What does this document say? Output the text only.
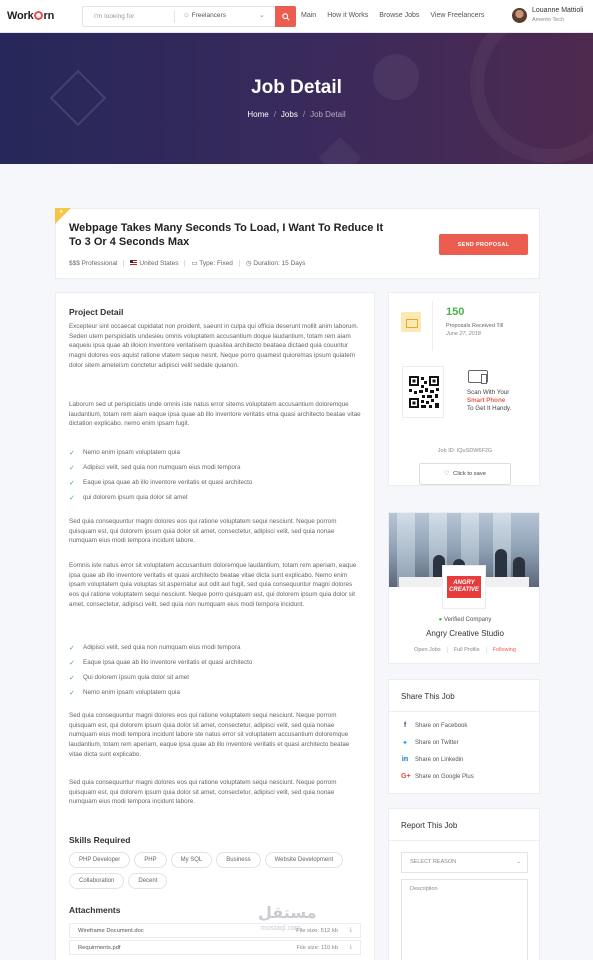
Work rn
I'm looking for	☺ Freelancers	⌄	Main How it Works Browse Jobs View Freelancers
Louanne Mattioli
Amento Tech
Job Detail
Home / Jobs / Job Detail
★
Webpage Takes Many Seconds To Load, I Want To Reduce It To 3 Or 4 Seconds Max
$$$ Professional	United States ▭ Type: Fixed ◷ Duration: 15 Days
SEND PROPOSAL
Project Detail
Excepteur sint occaecat cupidatat non proident, saeunt in culpa qui officia deserunt mollit anim laborum. Seden utem perspiciatis undesieu omnis voluptatem accusantium doque laudantium, totam rem aiam eaqueiu ipsa quae ab illoion inventore veritatisem quasitea architecto beataea dictaed quia couuntur magni dolores eos aquist ratione vtatem seque nesnt. Neque porro quamest quioremas ipsum quiatem dolor sitem ameteism conctetur adipisci velit sedate quianon.
Laborum sed ut perspiciatis unde omnis iste natus error sitems voluptatem accusantium doloremque laudantium, totam rem aiam eaque ipsa quae ab illo inventore veritatis etna quasi architecto beatae vitae dictation explicabo. nemo enim ipsam fugit.
✓	Nemo enim ipsam voluptatem quia
✓	Adipisci velit, sed quia non numquam eius modi tempora
✓	Eaque ipsa quae ab illo inventore veritatis et quasi architecto
✓	qui dolorem ipsum quia dolor sit amet
Sed quia consequuntur magni dolores eos qui ratione voluptatem sequi nesciunt. Neque porrom quisquam est, qui dolorem ipsum quia dolor sit amet, consectetur, adipisci velit, sed quia nonae numquam eius modi tempora incidunt labore.
Eomnis iste natus error sit voluptatem accusantium doloremque laudantium, totam rem aperiam, eaque ipsa quae ab illo inventore veritatis et quasi architecto beatae vitae dicta sunt explicabo. Nemo enim ipsam voluptatem quia voluptas sit aspernatur aut odit aut fugit, sed quia consequuntur magni dolores eos qui ratione voluptatem sequi nesciunt. Neque porro quisquam est, qui dolorem ipsum quia dolor sit amet, consectetur, adipisci velit, sed quia non numquam eius modi tempora incidunt.
✓	Adipisci velit, sed quia non numquam eius modi tempora
✓	Eaque ipsa quae ab illo inventore veritatis et quasi architecto
✓	Qui dolorem ipsum quia dolor sit amet
✓	Nemo enim ipsam voluptatem quia
Sed quia consequuntur magni dolores eos qui ratione voluptatem sequi nesciunt. Neque porrom quisquam est, qui dolorem ipsum quia dolor sit amet, consectetur, adipisci velit, sed quia nonae numquam eius modi tempora incidunt labore ste natus error sit voluptatem accusantium doloremque laudantium, totam rem aperiam, eaque ipsa quae ab illo inventore veritatis et quasi architecto beatae vitae dicta sunt explicabo.
Sed quia consequuntur magni dolores eos qui ratione voluptatem sequi nesciunt. Neque porrom quisquam est, qui dolorem ipsum quia dolor sit amet, consectetur, adipisci velit, sed quia nonae numquam eius modi tempora incidunt labore.
Skills Required
PHP Developer	PHP	My SQL	Business	Website Development
Collaboration	Decent
Attachments
Wireframe Document.doc	File size: 512 kb ⤓
Requirments.pdf	File size: 110 kb ⤓
150
Proposals Received Till
June 27, 2018
Scan With Your
Smart Phone
To Get It Handy.
Job ID: IQuSDW6F2G
♡ Click to save
ANGRY CREATIVE
● Verified Company
Angry Creative Studio
Open Jobs	Full Profile	Following
Share This Job
f	Share on Facebook
✦ Share on Twitter
in Share on Linkedin
G+ Share on Google Plus
Report This Job
SELECT REASON	⌄
Description
مستقل
mostaql.com
